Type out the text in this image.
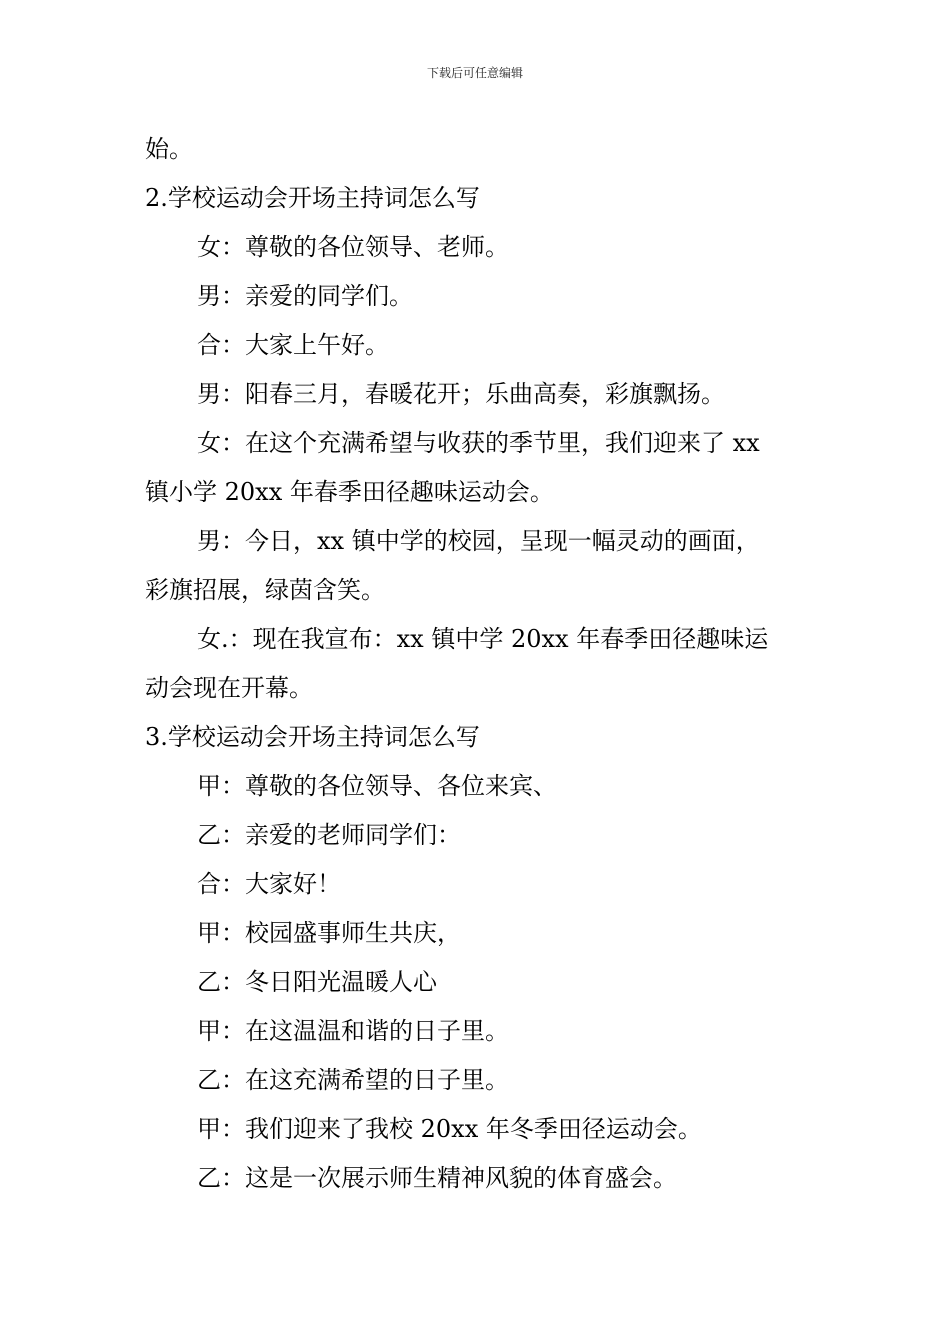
下载后可任意编辑
始。
2.学校运动会开场主持词怎么写
女：尊敬的各位领导、老师。
男：亲爱的同学们。
合：大家上午好。
男：阳春三月，春暖花开；乐曲高奏，彩旗飘扬。
女：在这个充满希望与收获的季节里，我们迎来了 xx
镇小学 20xx 年春季田径趣味运动会。
男：今日，xx 镇中学的校园，呈现一幅灵动的画面，
彩旗招展，绿茵含笑。
女.：现在我宣布：xx 镇中学 20xx 年春季田径趣味运
动会现在开幕。
3.学校运动会开场主持词怎么写
甲：尊敬的各位领导、各位来宾、
乙：亲爱的老师同学们：
合：大家好！
甲：校园盛事师生共庆，
乙：冬日阳光温暖人心
甲：在这温温和谐的日子里。
乙：在这充满希望的日子里。
甲：我们迎来了我校 20xx 年冬季田径运动会。
乙：这是一次展示师生精神风貌的体育盛会。
